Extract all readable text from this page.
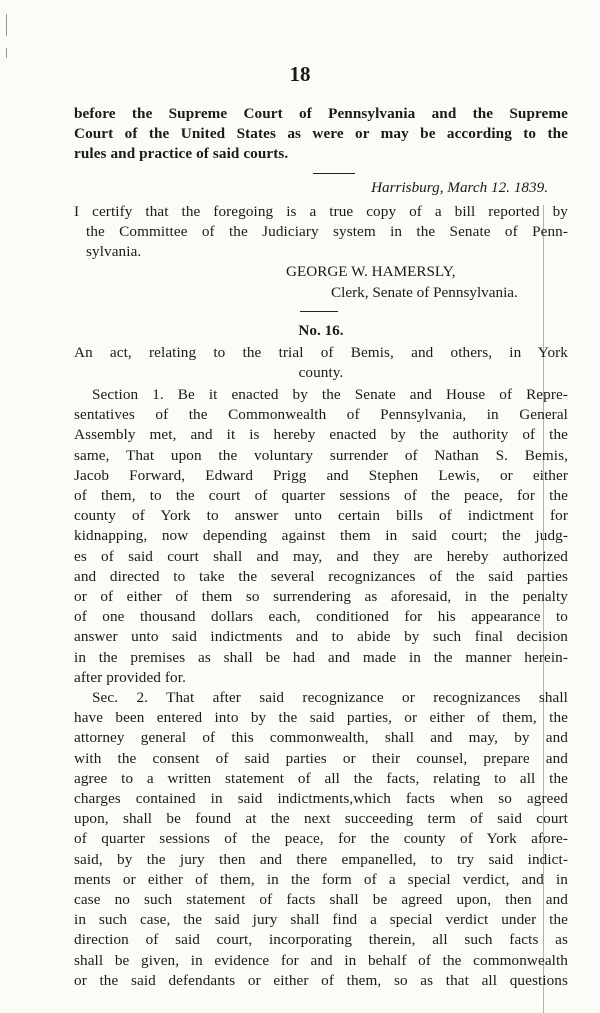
18
before the Supreme Court of Pennsylvania and the Supreme
Court of the United States as were or may be according to the
rules and practice of said courts.
Harrisburg, March 12. 1839.
I certify that the foregoing is a true copy of a bill reported by
the Committee of the Judiciary system in the Senate of Penn-
sylvania.
GEORGE W. HAMERSLY,
Clerk, Senate of Pennsylvania.
No. 16.
An act, relating to the trial of Bemis, and others, in York
county.
Section 1. Be it enacted by the Senate and House of Repre-
sentatives of the Commonwealth of Pennsylvania, in General
Assembly met, and it is hereby enacted by the authority of the
same, That upon the voluntary surrender of Nathan S. Bemis,
Jacob Forward, Edward Prigg and Stephen Lewis, or either
of them, to the court of quarter sessions of the peace, for the
county of York to answer unto certain bills of indictment for
kidnapping, now depending against them in said court; the judg-
es of said court shall and may, and they are hereby authorized
and directed to take the several recognizances of the said parties
or of either of them so surrendering as aforesaid, in the penalty
of one thousand dollars each, conditioned for his appearance to
answer unto said indictments and to abide by such final decision
in the premises as shall be had and made in the manner herein-
after provided for.
Sec. 2. That after said recognizance or recognizances shall
have been entered into by the said parties, or either of them, the
attorney general of this commonwealth, shall and may, by and
with the consent of said parties or their counsel, prepare and
agree to a written statement of all the facts, relating to all the
charges contained in said indictments,which facts when so agreed
upon, shall be found at the next succeeding term of said court
of quarter sessions of the peace, for the county of York afore-
said, by the jury then and there empanelled, to try said indict-
ments or either of them, in the form of a special verdict, and in
case no such statement of facts shall be agreed upon, then and
in such case, the said jury shall find a special verdict under the
direction of said court, incorporating therein, all such facts as
shall be given, in evidence for and in behalf of the commonwealth
or the said defendants or either of them, so as that all questions
